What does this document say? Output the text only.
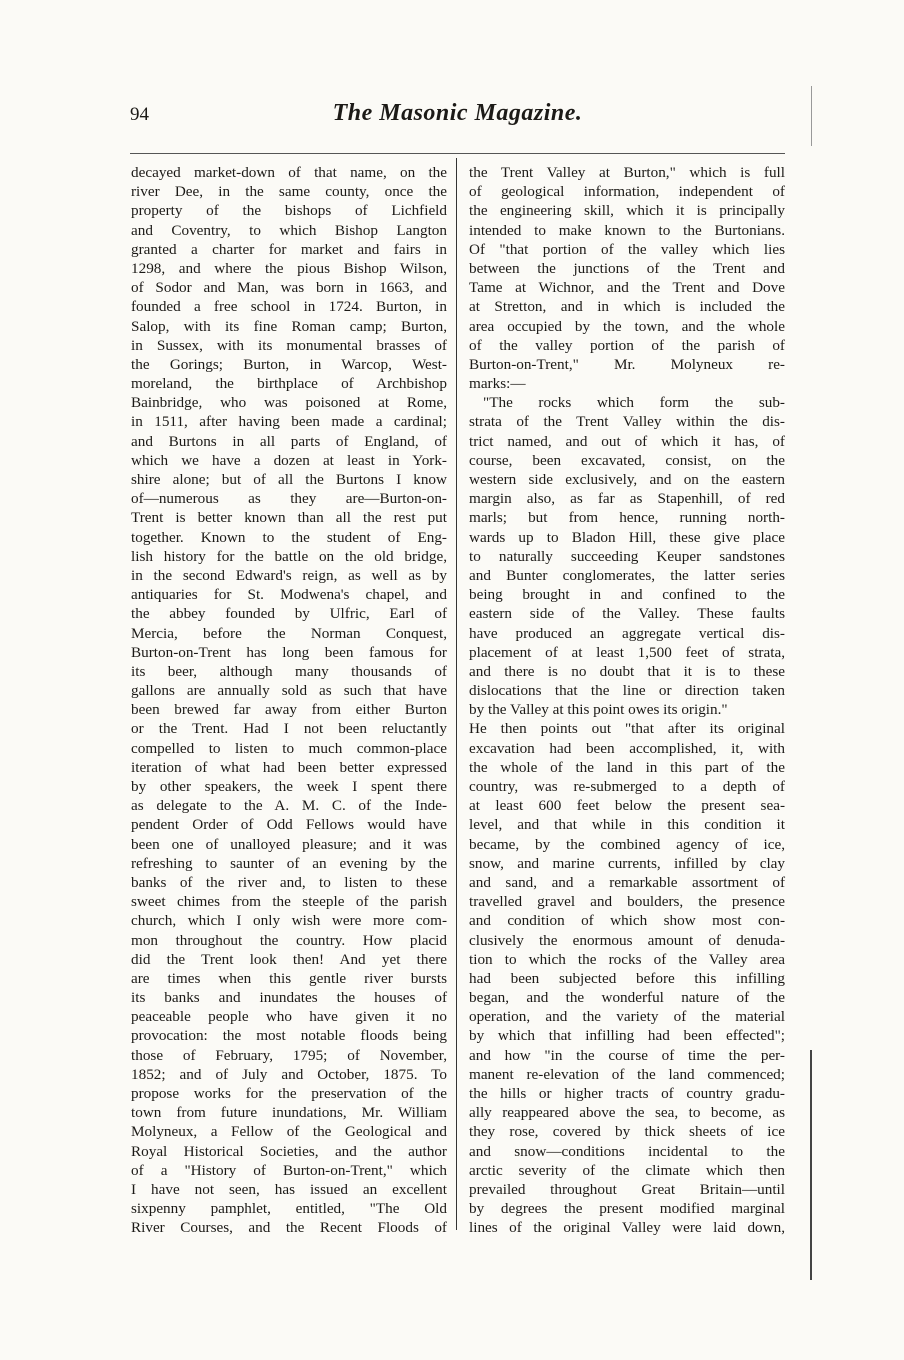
94	The Masonic Magazine.
decayed market-down of that name, on the
river Dee, in the same county, once the
property of the bishops of Lichfield
and Coventry, to which Bishop Langton
granted a charter for market and fairs in
1298, and where the pious Bishop Wilson,
of Sodor and Man, was born in 1663, and
founded a free school in 1724. Burton, in
Salop, with its fine Roman camp; Burton,
in Sussex, with its monumental brasses of
the Gorings; Burton, in Warcop, West-
moreland, the birthplace of Archbishop
Bainbridge, who was poisoned at Rome,
in 1511, after having been made a cardinal;
and Burtons in all parts of England, of
which we have a dozen at least in York-
shire alone; but of all the Burtons I know
of—numerous as they are—Burton-on-
Trent is better known than all the rest put
together. Known to the student of Eng-
lish history for the battle on the old bridge,
in the second Edward's reign, as well as by
antiquaries for St. Modwena's chapel, and
the abbey founded by Ulfric, Earl of
Mercia, before the Norman Conquest,
Burton-on-Trent has long been famous for
its beer, although many thousands of
gallons are annually sold as such that have
been brewed far away from either Burton
or the Trent. Had I not been reluctantly
compelled to listen to much common-place
iteration of what had been better expressed
by other speakers, the week I spent there
as delegate to the A. M. C. of the Inde-
pendent Order of Odd Fellows would have
been one of unalloyed pleasure; and it was
refreshing to saunter of an evening by the
banks of the river and, to listen to these
sweet chimes from the steeple of the parish
church, which I only wish were more com-
mon throughout the country. How placid
did the Trent look then! And yet there
are times when this gentle river bursts
its banks and inundates the houses of
peaceable people who have given it no
provocation: the most notable floods being
those of February, 1795; of November,
1852; and of July and October, 1875. To
propose works for the preservation of the
town from future inundations, Mr. William
Molyneux, a Fellow of the Geological and
Royal Historical Societies, and the author
of a "History of Burton-on-Trent," which
I have not seen, has issued an excellent
sixpenny pamphlet, entitled, "The Old
River Courses, and the Recent Floods of
the Trent Valley at Burton," which is full
of geological information, independent of
the engineering skill, which it is principally
intended to make known to the Burtonians.
Of "that portion of the valley which lies
between the junctions of the Trent and
Tame at Wichnor, and the Trent and Dove
at Stretton, and in which is included the
area occupied by the town, and the whole
of the valley portion of the parish of
Burton-on-Trent," Mr. Molyneux re-
marks:—
"The rocks which form the sub-
strata of the Trent Valley within the dis-
trict named, and out of which it has, of
course, been excavated, consist, on the
western side exclusively, and on the eastern
margin also, as far as Stapenhill, of red
marls; but from hence, running north-
wards up to Bladon Hill, these give place
to naturally succeeding Keuper sandstones
and Bunter conglomerates, the latter series
being brought in and confined to the
eastern side of the Valley. These faults
have produced an aggregate vertical dis-
placement of at least 1,500 feet of strata,
and there is no doubt that it is to these
dislocations that the line or direction taken
by the Valley at this point owes its origin."
He then points out "that after its original
excavation had been accomplished, it, with
the whole of the land in this part of the
country, was re-submerged to a depth of
at least 600 feet below the present sea-
level, and that while in this condition it
became, by the combined agency of ice,
snow, and marine currents, infilled by clay
and sand, and a remarkable assortment of
travelled gravel and boulders, the presence
and condition of which show most con-
clusively the enormous amount of denuda-
tion to which the rocks of the Valley area
had been subjected before this infilling
began, and the wonderful nature of the
operation, and the variety of the material
by which that infilling had been effected";
and how "in the course of time the per-
manent re-elevation of the land commenced;
the hills or higher tracts of country gradu-
ally reappeared above the sea, to become, as
they rose, covered by thick sheets of ice
and snow—conditions incidental to the
arctic severity of the climate which then
prevailed throughout Great Britain—until
by degrees the present modified marginal
lines of the original Valley were laid down,
